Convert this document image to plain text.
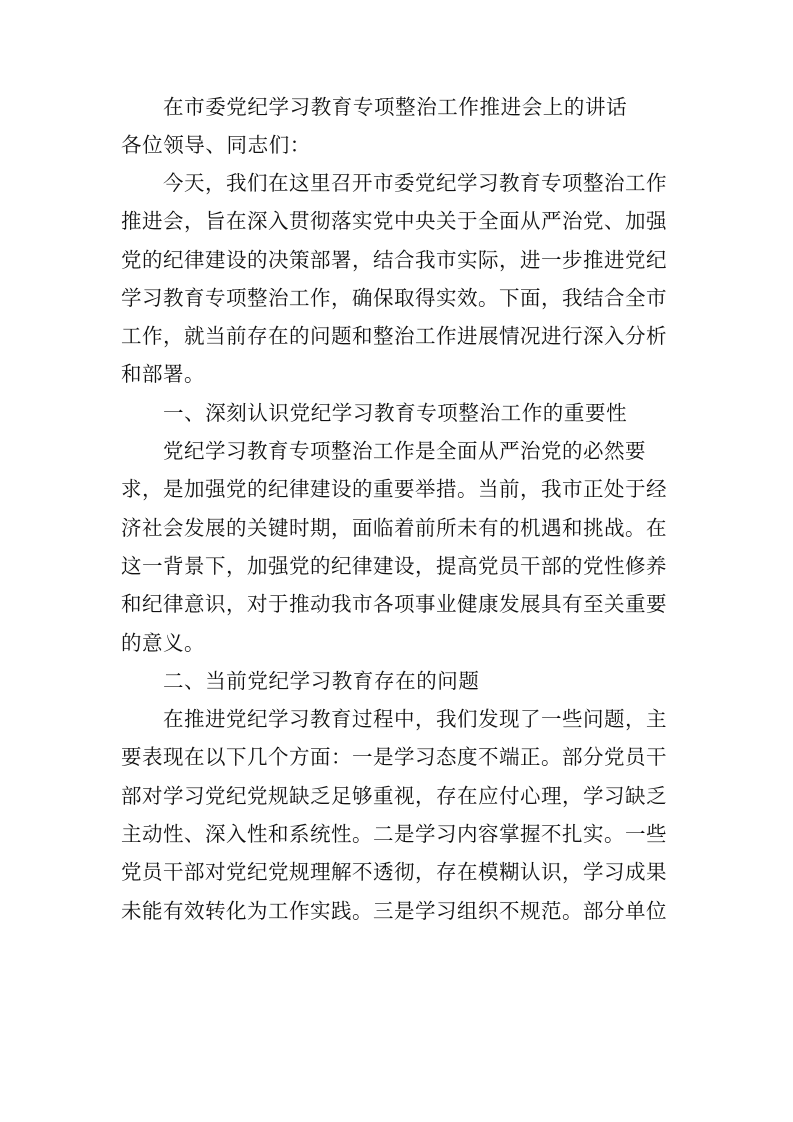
在市委党纪学习教育专项整治工作推进会上的讲话

各位领导、同志们：

今天，我们在这里召开市委党纪学习教育专项整治工作
推进会，旨在深入贯彻落实党中央关于全面从严治党、加强
党的纪律建设的决策部署，结合我市实际，进一步推进党纪
学习教育专项整治工作，确保取得实效。下面，我结合全市
工作，就当前存在的问题和整治工作进展情况进行深入分析
和部署。

一、深刻认识党纪学习教育专项整治工作的重要性

党纪学习教育专项整治工作是全面从严治党的必然要
求，是加强党的纪律建设的重要举措。当前，我市正处于经
济社会发展的关键时期，面临着前所未有的机遇和挑战。在
这一背景下，加强党的纪律建设，提高党员干部的党性修养
和纪律意识，对于推动我市各项事业健康发展具有至关重要
的意义。

二、当前党纪学习教育存在的问题

在推进党纪学习教育过程中，我们发现了一些问题，主
要表现在以下几个方面：一是学习态度不端正。部分党员干
部对学习党纪党规缺乏足够重视，存在应付心理，学习缺乏
主动性、深入性和系统性。二是学习内容掌握不扎实。一些
党员干部对党纪党规理解不透彻，存在模糊认识，学习成果
未能有效转化为工作实践。三是学习组织不规范。部分单位
